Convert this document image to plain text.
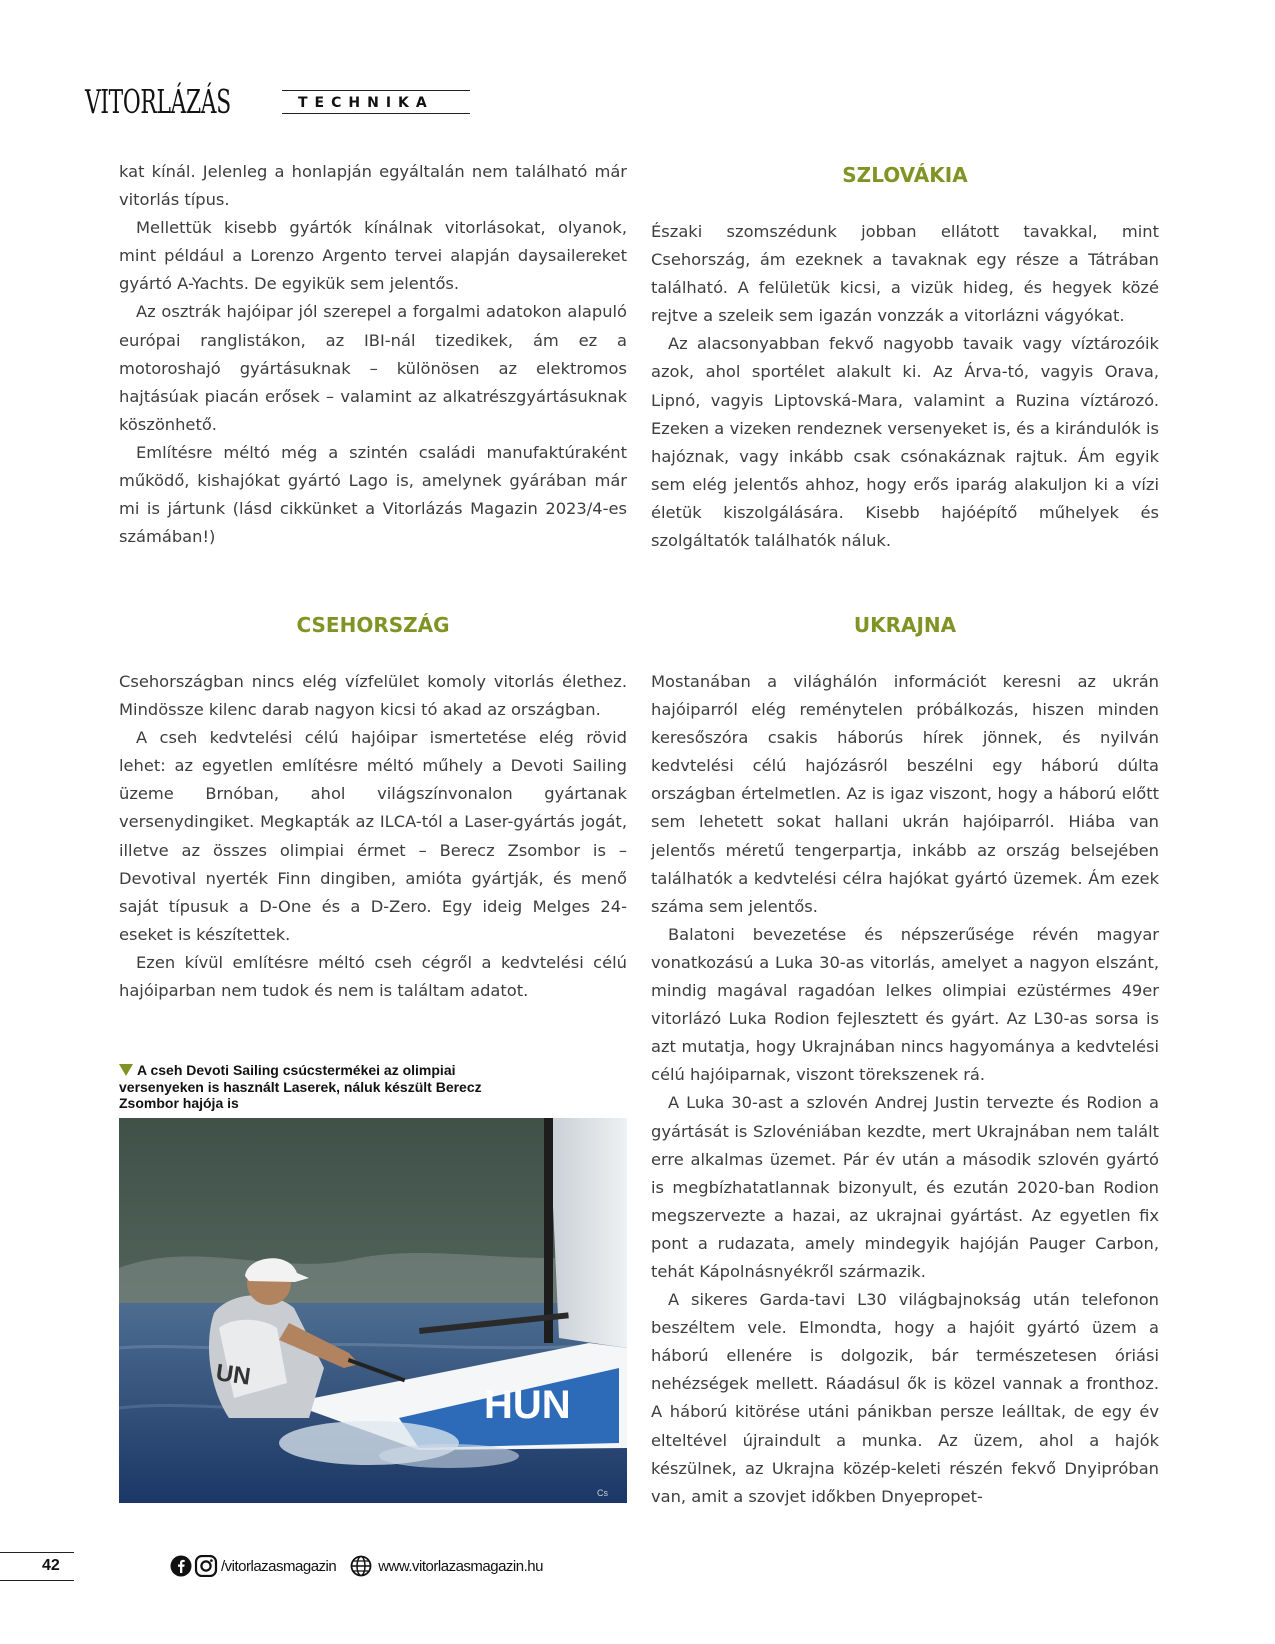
VITORLÁZÁS	TECHNIKA

kat kínál. Jelenleg a honlapján egyáltalán nem található már vitorlás típus.

Mellettük kisebb gyártók kínálnak vitorlásokat, olyanok, mint például a Lorenzo Argento tervei alapján daysailereket gyártó A-Yachts. De egyikük sem jelentős.

Az osztrák hajóipar jól szerepel a forgalmi adatokon alapuló európai ranglistákon, az IBI-nál tizedikek, ám ez a motoroshajó gyártásuknak – különösen az elektromos hajtásúak piacán erősek – valamint az alkatrészgyártásuknak köszönhető.

Említésre méltó még a szintén családi manufaktúraként működő, kishajókat gyártó Lago is, amelynek gyárában már mi is jártunk (lásd cikkünket a Vitorlázás Magazin 2023/4-es számában!)

CSEHORSZÁG

Csehországban nincs elég vízfelület komoly vitorlás élethez. Mindössze kilenc darab nagyon kicsi tó akad az országban.

A cseh kedvtelési célú hajóipar ismertetése elég rövid lehet: az egyetlen említésre méltó műhely a Devoti Sailing üzeme Brnóban, ahol világszínvonalon gyártanak versenydingiket. Megkapták az ILCA-tól a Laser-gyártás jogát, illetve az összes olimpiai érmet – Berecz Zsombor is – Devotival nyerték Finn dingiben, amióta gyártják, és menő saját típusuk a D-One és a D-Zero. Egy ideig Melges 24-eseket is készítettek.

Ezen kívül említésre méltó cseh cégről a kedvtelési célú hajóiparban nem tudok és nem is találtam adatot.

A cseh Devoti Sailing csúcstermékei az olimpiai versenyeken is használt Laserek, náluk készült Berecz Zsombor hajója is
HUN
UN
Cs
SZLOVÁKIA

Északi szomszédunk jobban ellátott tavakkal, mint Csehország, ám ezeknek a tavaknak egy része a Tátrában található. A felületük kicsi, a vizük hideg, és hegyek közé rejtve a szeleik sem igazán vonzzák a vitorlázni vágyókat.

Az alacsonyabban fekvő nagyobb tavaik vagy víztározóik azok, ahol sportélet alakult ki. Az Árva-tó, vagyis Orava, Lipnó, vagyis Liptovská-Mara, valamint a Ruzina víztározó. Ezeken a vizeken rendeznek versenyeket is, és a kirándulók is hajóznak, vagy inkább csak csónakáznak rajtuk. Ám egyik sem elég jelentős ahhoz, hogy erős iparág alakuljon ki a vízi életük kiszolgálására. Kisebb hajóépítő műhelyek és szolgáltatók találhatók náluk.

UKRAJNA

Mostanában a világhálón információt keresni az ukrán hajóiparról elég reménytelen próbálkozás, hiszen minden keresőszóra csakis háborús hírek jönnek, és nyilván kedvtelési célú hajózásról beszélni egy háború dúlta országban értelmetlen. Az is igaz viszont, hogy a háború előtt sem lehetett sokat hallani ukrán hajóiparról. Hiába van jelentős méretű tengerpartja, inkább az ország belsejében találhatók a kedvtelési célra hajókat gyártó üzemek. Ám ezek száma sem jelentős.

Balatoni bevezetése és népszerűsége révén magyar vonatkozású a Luka 30-as vitorlás, amelyet a nagyon elszánt, mindig magával ragadóan lelkes olimpiai ezüstérmes 49er vitorlázó Luka Rodion fejlesztett és gyárt. Az L30-as sorsa is azt mutatja, hogy Ukrajnában nincs hagyománya a kedvtelési célú hajóiparnak, viszont törekszenek rá.

A Luka 30-ast a szlovén Andrej Justin tervezte és Rodion a gyártását is Szlovéniában kezdte, mert Ukrajnában nem talált erre alkalmas üzemet. Pár év után a második szlovén gyártó is megbízhatatlannak bizonyult, és ezután 2020-ban Rodion megszervezte a hazai, az ukrajnai gyártást. Az egyetlen fix pont a rudazata, amely mindegyik hajóján Pauger Carbon, tehát Kápolnásnyékről származik.

A sikeres Garda-tavi L30 világbajnokság után telefonon beszéltem vele. Elmondta, hogy a hajóit gyártó üzem a háború ellenére is dolgozik, bár természetesen óriási nehézségek mellett. Ráadásul ők is közel vannak a fronthoz. A háború kitörése utáni pánikban persze leálltak, de egy év elteltével újraindult a munka. Az üzem, ahol a hajók készülnek, az Ukrajna közép-keleti részén fekvő Dnyiprόban van, amit a szovjet időkben Dnyepropet-

42	/vitorlazasmagazin	www.vitorlazasmagazin.hu
